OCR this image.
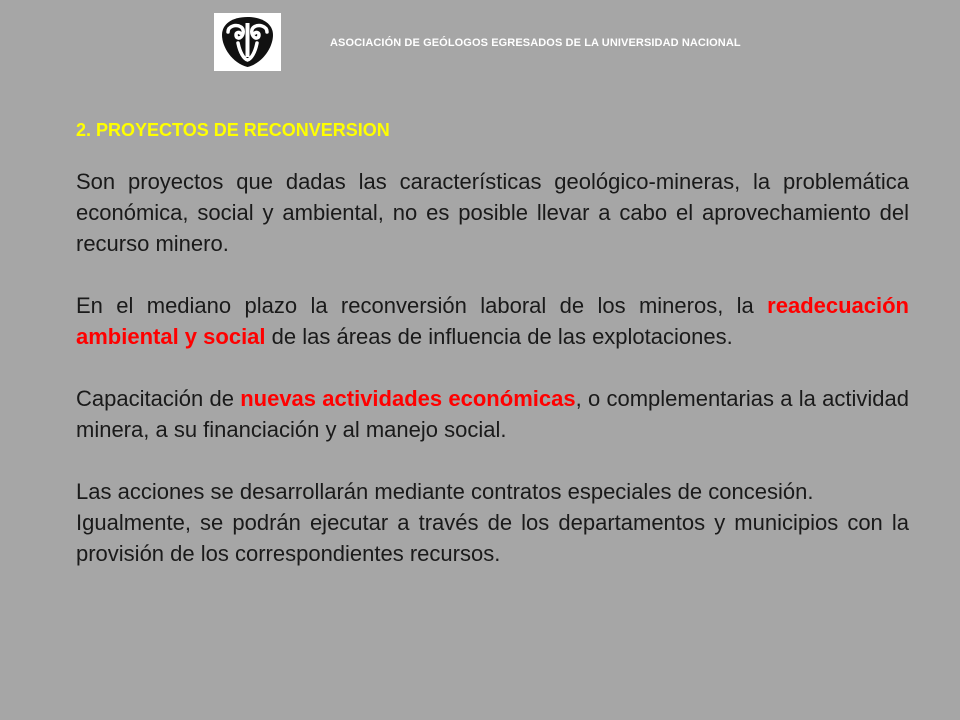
ASOCIACIÓN DE GEÓLOGOS EGRESADOS DE LA UNIVERSIDAD NACIONAL
2. PROYECTOS DE RECONVERSION

Son proyectos que dadas las características geológico-mineras, la problemática económica, social y ambiental, no es posible llevar a cabo el aprovechamiento del recurso minero.

En el mediano plazo la reconversión laboral de los mineros, la readecuación ambiental y social de las áreas de influencia de las explotaciones.

Capacitación de nuevas actividades económicas, o complementarias a la actividad minera, a su financiación y al manejo social.

Las acciones se desarrollarán mediante contratos especiales de concesión.

Igualmente, se podrán ejecutar a través de los departamentos y municipios con la provisión de los correspondientes recursos.
